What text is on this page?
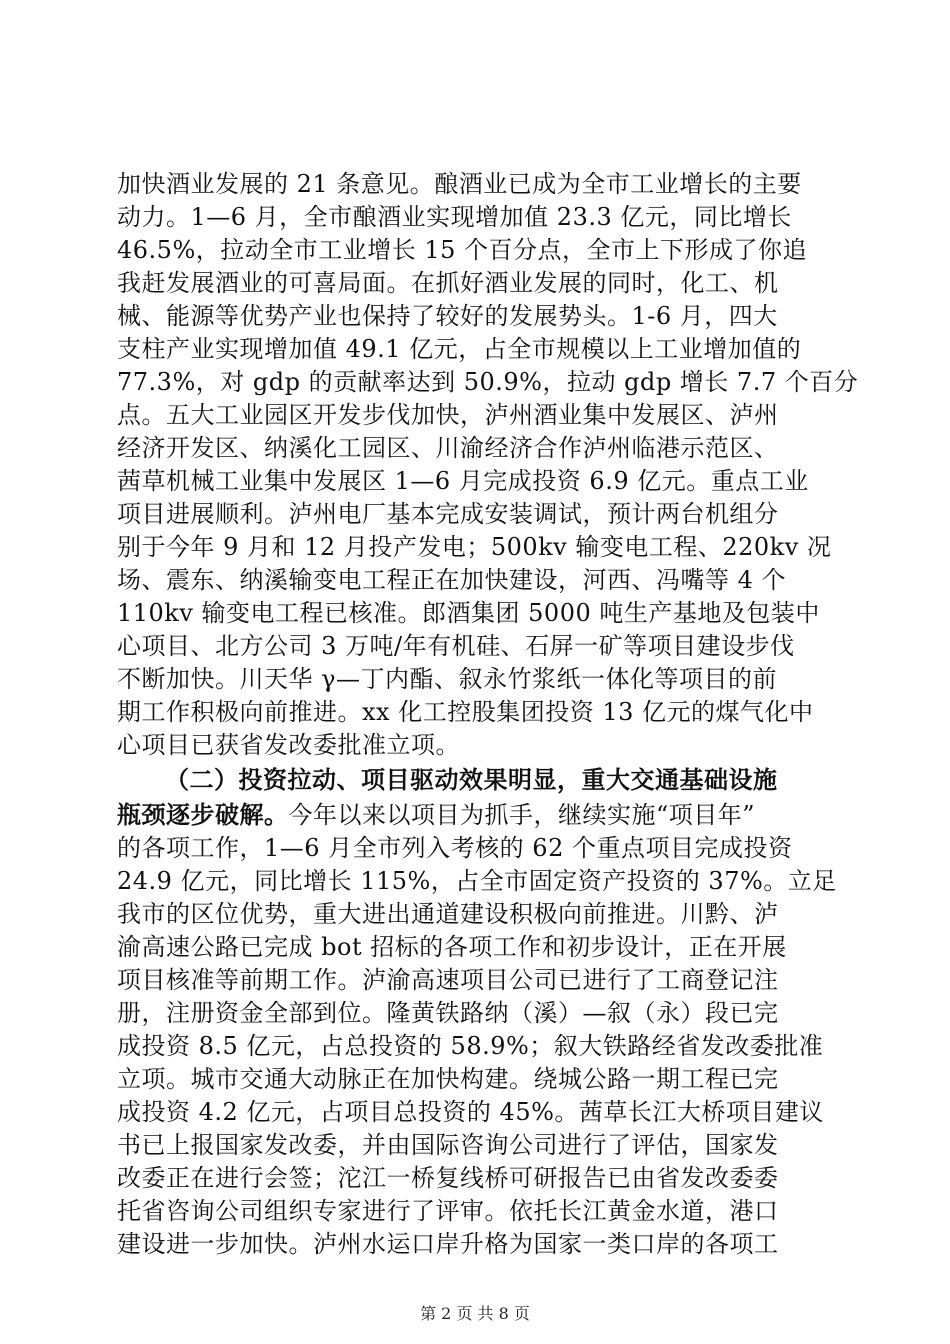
加快酒业发展的 21 条意见。酿酒业已成为全市工业增长的主要
动力。1—6 月，全市酿酒业实现增加值 23.3 亿元，同比增长
46.5%，拉动全市工业增长 15 个百分点，全市上下形成了你追
我赶发展酒业的可喜局面。在抓好酒业发展的同时，化工、机
械、能源等优势产业也保持了较好的发展势头。1-6 月，四大
支柱产业实现增加值 49.1 亿元，占全市规模以上工业增加值的
77.3%，对 gdp 的贡献率达到 50.9%，拉动 gdp 增长 7.7 个百分
点。五大工业园区开发步伐加快，泸州酒业集中发展区、泸州
经济开发区、纳溪化工园区、川渝经济合作泸州临港示范区、
茜草机械工业集中发展区 1—6 月完成投资 6.9 亿元。重点工业
项目进展顺利。泸州电厂基本完成安装调试，预计两台机组分
别于今年 9 月和 12 月投产发电；500kv 输变电工程、220kv 况
场、震东、纳溪输变电工程正在加快建设，河西、冯嘴等 4 个
110kv 输变电工程已核准。郎酒集团 5000 吨生产基地及包装中
心项目、北方公司 3 万吨/年有机硅、石屏一矿等项目建设步伐
不断加快。川天华 γ—丁内酯、叙永竹浆纸一体化等项目的前
期工作积极向前推进。xx 化工控股集团投资 13 亿元的煤气化中
心项目已获省发改委批准立项。
（二）投资拉动、项目驱动效果明显，重大交通基础设施
瓶颈逐步破解。今年以来以项目为抓手，继续实施“项目年”
的各项工作，1—6 月全市列入考核的 62 个重点项目完成投资
24.9 亿元，同比增长 115%，占全市固定资产投资的 37%。立足
我市的区位优势，重大进出通道建设积极向前推进。川黔、泸
渝高速公路已完成 bot 招标的各项工作和初步设计，正在开展
项目核准等前期工作。泸渝高速项目公司已进行了工商登记注
册，注册资金全部到位。隆黄铁路纳（溪）—叙（永）段已完
成投资 8.5 亿元，占总投资的 58.9%；叙大铁路经省发改委批准
立项。城市交通大动脉正在加快构建。绕城公路一期工程已完
成投资 4.2 亿元，占项目总投资的 45%。茜草长江大桥项目建议
书已上报国家发改委，并由国际咨询公司进行了评估，国家发
改委正在进行会签；沱江一桥复线桥可研报告已由省发改委委
托省咨询公司组织专家进行了评审。依托长江黄金水道，港口
建设进一步加快。泸州水运口岸升格为国家一类口岸的各项工
第 2 页 共 8 页
